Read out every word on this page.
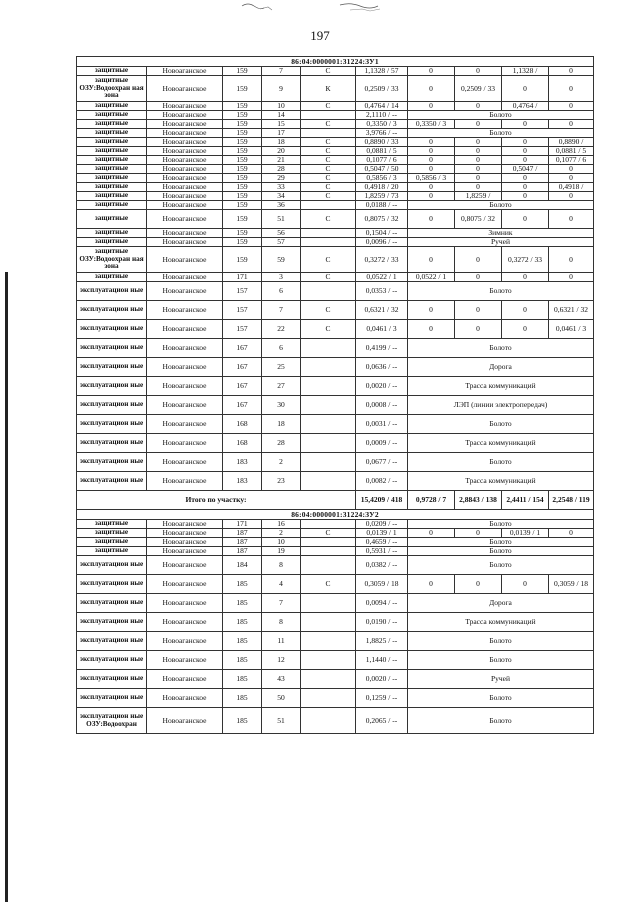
197
86:04:0000001:31224:ЗУ1									
защитные	Новоаганское	159	7	С	1,1328 / 57	0	0	1,1328 /	0
защитные ОЗУ:Водоохран ная зона	Новоаганское	159	9	К	0,2509 / 33	0	0,2509 / 33	0	0
защитные	Новоаганское	159	10	С	0,4764 / 14	0	0	0,4764 /	0
защитные	Новоаганское	159	14		2,1110 / --	Болото			
защитные	Новоаганское	159	15	С	0,3350 / 3	0,3350 / 3	0	0	0
защитные	Новоаганское	159	17		3,9766 / --	Болото			
защитные	Новоаганское	159	18	С	0,8890 / 33	0	0	0	0,8890 /
защитные	Новоаганское	159	20	С	0,0881 / 5	0	0	0	0,0881 / 5
защитные	Новоаганское	159	21	С	0,1077 / 6	0	0	0	0,1077 / 6
защитные	Новоаганское	159	28	С	0,5047 / 50	0	0	0,5047 /	0
защитные	Новоаганское	159	29	С	0,5856 / 3	0,5856 / 3	0	0	0
защитные	Новоаганское	159	33	С	0,4918 / 20	0	0	0	0,4918 /
защитные	Новоаганское	159	34	С	1,8259 / 73	0	1,8259 /	0	0
защитные	Новоаганское	159	36		0,0188 / --	Болото			
защитные	Новоаганское	159	51	С	0,8075 / 32	0	0,8075 / 32	0	0
защитные	Новоаганское	159	56		0,1504 / --	Зимник			
защитные	Новоаганское	159	57		0,0096 / --	Ручей			
защитные ОЗУ:Водоохран ная зона	Новоаганское	159	59	С	0,3272 / 33	0	0	0,3272 / 33	0
защитные	Новоаганское	171	3	С	0,0522 / 1	0,0522 / 1	0	0	0
эксплуатацион ные	Новоаганское	157	6		0,0353 / --	Болото			
эксплуатацион ные	Новоаганское	157	7	С	0,6321 / 32	0	0	0	0,6321 / 32
эксплуатацион ные	Новоаганское	157	22	С	0,0461 / 3	0	0	0	0,0461 / 3
эксплуатацион ные	Новоаганское	167	6		0,4199 / --	Болото			
эксплуатацион ные	Новоаганское	167	25		0,0636 / --	Дорога			
эксплуатацион ные	Новоаганское	167	27		0,0020 / --	Трасса коммуникаций			
эксплуатацион ные	Новоаганское	167	30		0,0008 / --	ЛЭП (линии электропередач)			
эксплуатацион ные	Новоаганское	168	18		0,0031 / --	Болото			
эксплуатацион ные	Новоаганское	168	28		0,0009 / --	Трасса коммуникаций			
эксплуатацион ные	Новоаганское	183	2		0,0677 / --	Болото			
эксплуатацион ные	Новоаганское	183	23		0,0082 / --	Трасса коммуникаций			
Итого по участку:					15,4209 / 418	0,9728 / 7	2,8843 / 138	2,4411 / 154	2,2548 / 119
86:04:0000001:31224:ЗУ2									
защитные	Новоаганское	171	16		0,0209 / --	Болото			
защитные	Новоаганское	187	2	С	0,0139 / 1	0	0	0,0139 / 1	0
защитные	Новоаганское	187	10		0,4659 / --	Болото			
защитные	Новоаганское	187	19		0,5931 / --	Болото			
эксплуатацион ные	Новоаганское	184	8		0,0382 / --	Болото			
эксплуатацион ные	Новоаганское	185	4	С	0,3059 / 18	0	0	0	0,3059 / 18
эксплуатацион ные	Новоаганское	185	7		0,0094 / --	Дорога			
эксплуатацион ные	Новоаганское	185	8		0,0190 / --	Трасса коммуникаций			
эксплуатацион ные	Новоаганское	185	11		1,8825 / --	Болото			
эксплуатацион ные	Новоаганское	185	12		1,1440 / --	Болото			
эксплуатацион ные	Новоаганское	185	43		0,0020 / --	Ручей			
эксплуатацион ные	Новоаганское	185	50		0,1259 / --	Болото			
эксплуатацион ные ОЗУ:Водоохран	Новоаганское	185	51		0,2065 / --	Болото			
